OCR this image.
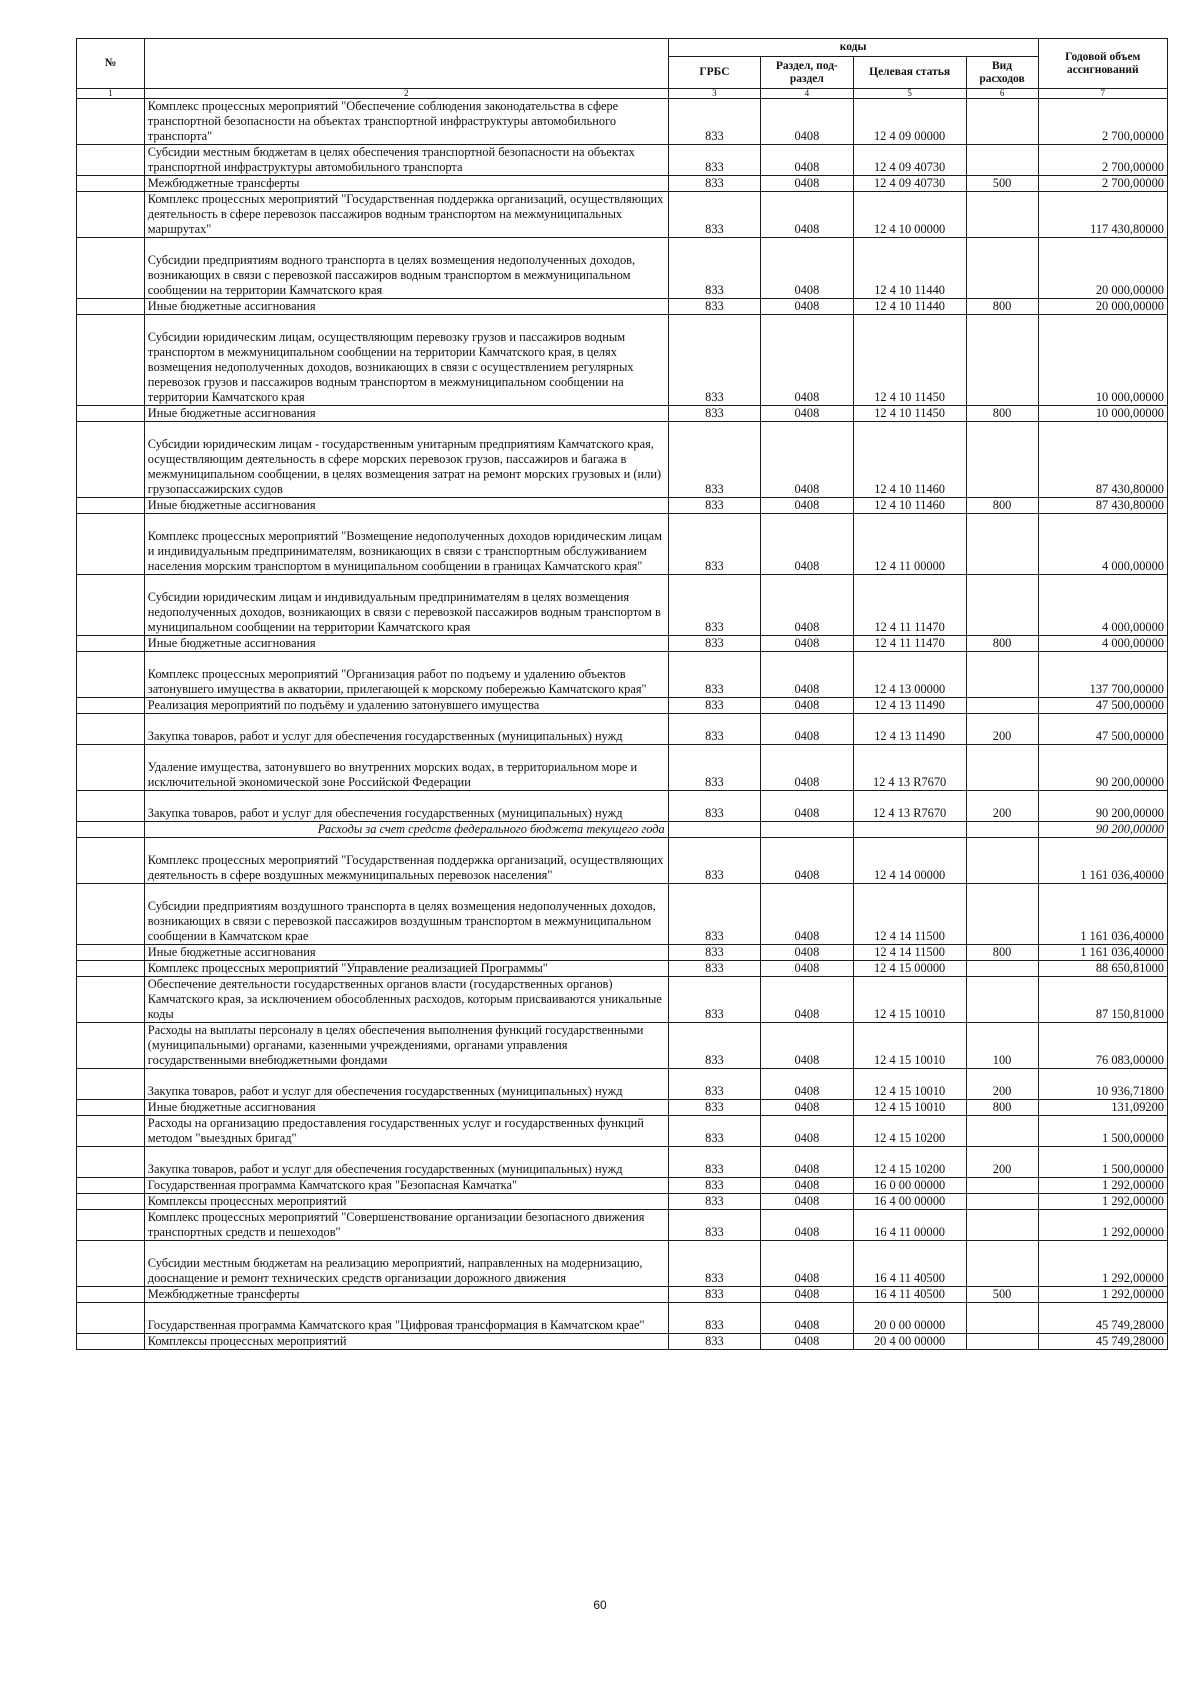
№		коды				Годовой объем ассигнований
		ГРБС	Раздел, под-раздел	Целевая статья	Вид расходов	
1	2	3	4	5	6	7
	Комплекс процессных мероприятий "Обеспечение соблюдения законодательства в сфере транспортной безопасности на объектах транспортной инфраструктуры автомобильного транспорта"	833	0408	12 4 09 00000		2 700,00000
	Субсидии местным бюджетам в целях обеспечения транспортной безопасности на объектах транспортной инфраструктуры автомобильного транспорта	833	0408	12 4 09 40730		2 700,00000
	Межбюджетные трансферты	833	0408	12 4 09 40730	500	2 700,00000
	Комплекс процессных мероприятий "Государственная поддержка организаций, осуществляющих деятельность в сфере перевозок пассажиров водным транспортом на межмуниципальных маршрутах"	833	0408	12 4 10 00000		117 430,80000
	Субсидии предприятиям водного транспорта в целях возмещения недополученных доходов, возникающих в связи с перевозкой пассажиров водным транспортом в межмуниципальном сообщении на территории Камчатского края	833	0408	12 4 10 11440		20 000,00000
	Иные бюджетные ассигнования	833	0408	12 4 10 11440	800	20 000,00000
	Субсидии юридическим лицам, осуществляющим перевозку грузов и пассажиров водным транспортом в межмуниципальном сообщении на территории Камчатского края, в целях возмещения недополученных доходов, возникающих в связи с осуществлением регулярных перевозок грузов и пассажиров водным транспортом в межмуниципальном сообщении на территории Камчатского края	833	0408	12 4 10 11450		10 000,00000
	Иные бюджетные ассигнования	833	0408	12 4 10 11450	800	10 000,00000
	Субсидии юридическим лицам - государственным унитарным предприятиям Камчатского края, осуществляющим деятельность в сфере морских перевозок грузов, пассажиров и багажа в межмуниципальном сообщении, в целях возмещения затрат на ремонт морских грузовых и (или) грузопассажирских судов	833	0408	12 4 10 11460		87 430,80000
	Иные бюджетные ассигнования	833	0408	12 4 10 11460	800	87 430,80000
	Комплекс процессных мероприятий "Возмещение недополученных доходов юридическим лицам и индивидуальным предпринимателям, возникающих в связи с транспортным обслуживанием населения морским транспортом в муниципальном сообщении в границах Камчатского края"	833	0408	12 4 11 00000		4 000,00000
	Субсидии юридическим лицам и индивидуальным предпринимателям в целях возмещения недополученных доходов, возникающих в связи с перевозкой пассажиров водным транспортом в муниципальном сообщении на территории Камчатского края	833	0408	12 4 11 11470		4 000,00000
	Иные бюджетные ассигнования	833	0408	12 4 11 11470	800	4 000,00000
	Комплекс процессных мероприятий "Организация работ по подъему и удалению объектов затонувшего имущества в акватории, прилегающей к морскому побережью Камчатского края"	833	0408	12 4 13 00000		137 700,00000
	Реализация мероприятий по подъёму и удалению затонувшего имущества	833	0408	12 4 13 11490		47 500,00000
	Закупка товаров, работ и услуг для обеспечения государственных (муниципальных) нужд	833	0408	12 4 13 11490	200	47 500,00000
	Удаление имущества, затонувшего во внутренних морских водах, в территориальном море и исключительной экономической зоне Российской Федерации	833	0408	12 4 13 R7670		90 200,00000
	Закупка товаров, работ и услуг для обеспечения государственных (муниципальных) нужд	833	0408	12 4 13 R7670	200	90 200,00000
	Расходы за счет средств федерального бюджета текущего года					90 200,00000
	Комплекс процессных мероприятий "Государственная поддержка организаций, осуществляющих деятельность в сфере воздушных межмуниципальных перевозок населения"	833	0408	12 4 14 00000		1 161 036,40000
	Субсидии предприятиям воздушного транспорта в целях возмещения недополученных доходов, возникающих в связи с перевозкой пассажиров воздушным транспортом в межмуниципальном сообщении в Камчатском крае	833	0408	12 4 14 11500		1 161 036,40000
	Иные бюджетные ассигнования	833	0408	12 4 14 11500	800	1 161 036,40000
	Комплекс процессных мероприятий "Управление реализацией Программы"	833	0408	12 4 15 00000		88 650,81000
	Обеспечение деятельности государственных органов власти (государственных органов) Камчатского края, за исключением обособленных расходов, которым присваиваются уникальные коды	833	0408	12 4 15 10010		87 150,81000
	Расходы на выплаты персоналу в целях обеспечения выполнения функций государственными (муниципальными) органами, казенными учреждениями, органами управления государственными внебюджетными фондами	833	0408	12 4 15 10010	100	76 083,00000
	Закупка товаров, работ и услуг для обеспечения государственных (муниципальных) нужд	833	0408	12 4 15 10010	200	10 936,71800
	Иные бюджетные ассигнования	833	0408	12 4 15 10010	800	131,09200
	Расходы на организацию предоставления государственных услуг и государственных функций методом "выездных бригад"	833	0408	12 4 15 10200		1 500,00000
	Закупка товаров, работ и услуг для обеспечения государственных (муниципальных) нужд	833	0408	12 4 15 10200	200	1 500,00000
	Государственная программа Камчатского края "Безопасная Камчатка"	833	0408	16 0 00 00000		1 292,00000
	Комплексы процессных мероприятий	833	0408	16 4 00 00000		1 292,00000
	Комплекс процессных мероприятий "Совершенствование организации безопасного движения транспортных средств и пешеходов"	833	0408	16 4 11 00000		1 292,00000
	Субсидии местным бюджетам на реализацию мероприятий, направленных на модернизацию, дооснащение и ремонт технических средств организации дорожного движения	833	0408	16 4 11 40500		1 292,00000
	Межбюджетные трансферты	833	0408	16 4 11 40500	500	1 292,00000
	Государственная программа Камчатского края "Цифровая трансформация в Камчатском крае"	833	0408	20 0 00 00000		45 749,28000
	Комплексы процессных мероприятий	833	0408	20 4 00 00000		45 749,28000
60
